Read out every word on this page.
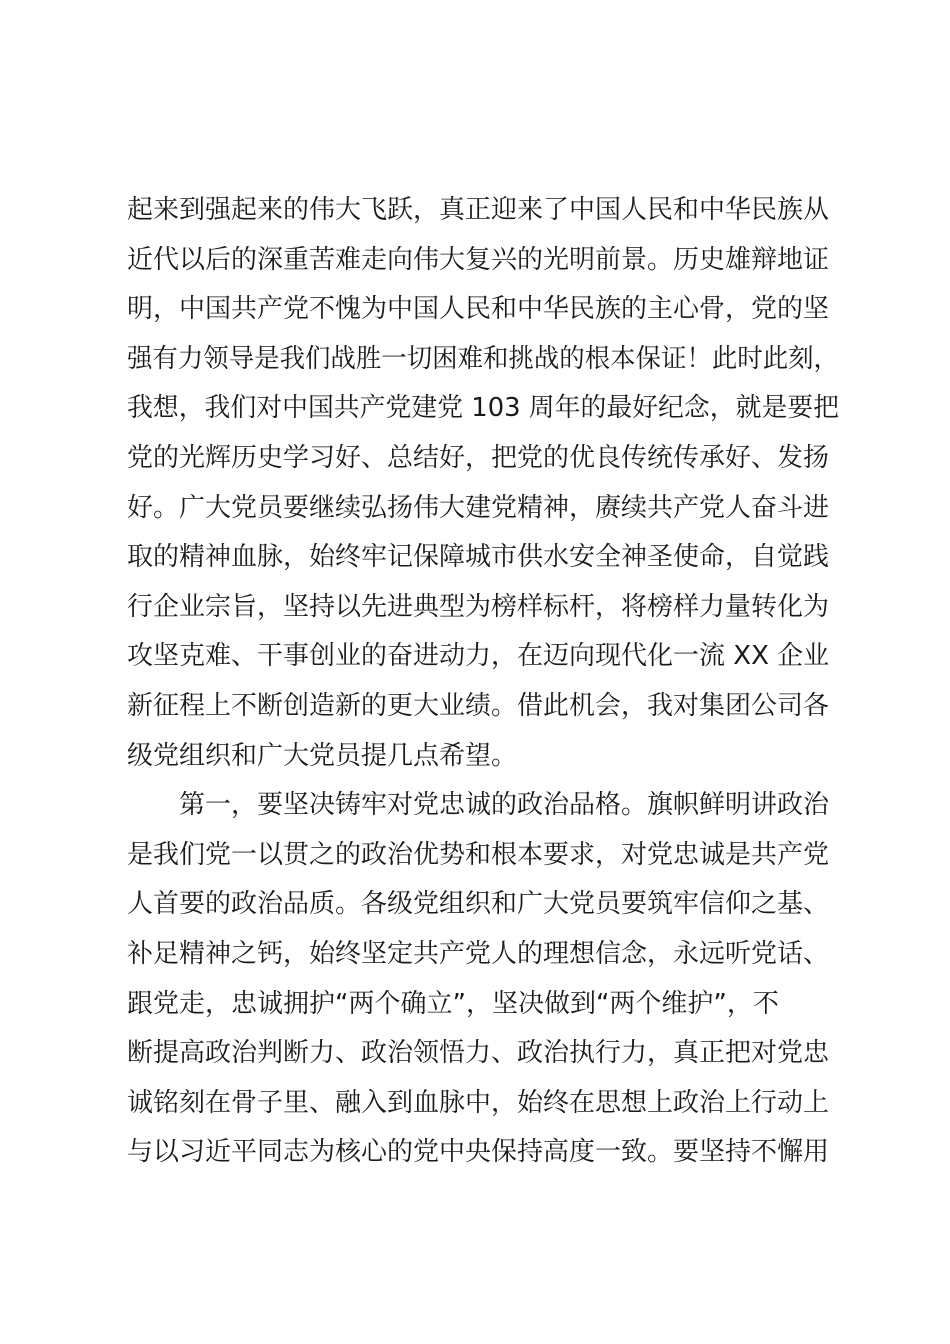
起来到强起来的伟大飞跃，真正迎来了中国人民和中华民族从
近代以后的深重苦难走向伟大复兴的光明前景。历史雄辩地证
明，中国共产党不愧为中国人民和中华民族的主心骨，党的坚
强有力领导是我们战胜一切困难和挑战的根本保证！此时此刻，
我想，我们对中国共产党建党 103 周年的最好纪念，就是要把
党的光辉历史学习好、总结好，把党的优良传统传承好、发扬
好。广大党员要继续弘扬伟大建党精神，赓续共产党人奋斗进
取的精神血脉，始终牢记保障城市供水安全神圣使命，自觉践
行企业宗旨，坚持以先进典型为榜样标杆，将榜样力量转化为
攻坚克难、干事创业的奋进动力，在迈向现代化一流 XX 企业
新征程上不断创造新的更大业绩。借此机会，我对集团公司各
级党组织和广大党员提几点希望。
第一，要坚决铸牢对党忠诚的政治品格。旗帜鲜明讲政治
是我们党一以贯之的政治优势和根本要求，对党忠诚是共产党
人首要的政治品质。各级党组织和广大党员要筑牢信仰之基、
补足精神之钙，始终坚定共产党人的理想信念，永远听党话、
跟党走，忠诚拥护“两个确立”，坚决做到“两个维护”，不
断提高政治判断力、政治领悟力、政治执行力，真正把对党忠
诚铭刻在骨子里、融入到血脉中，始终在思想上政治上行动上
与以习近平同志为核心的党中央保持高度一致。要坚持不懈用
